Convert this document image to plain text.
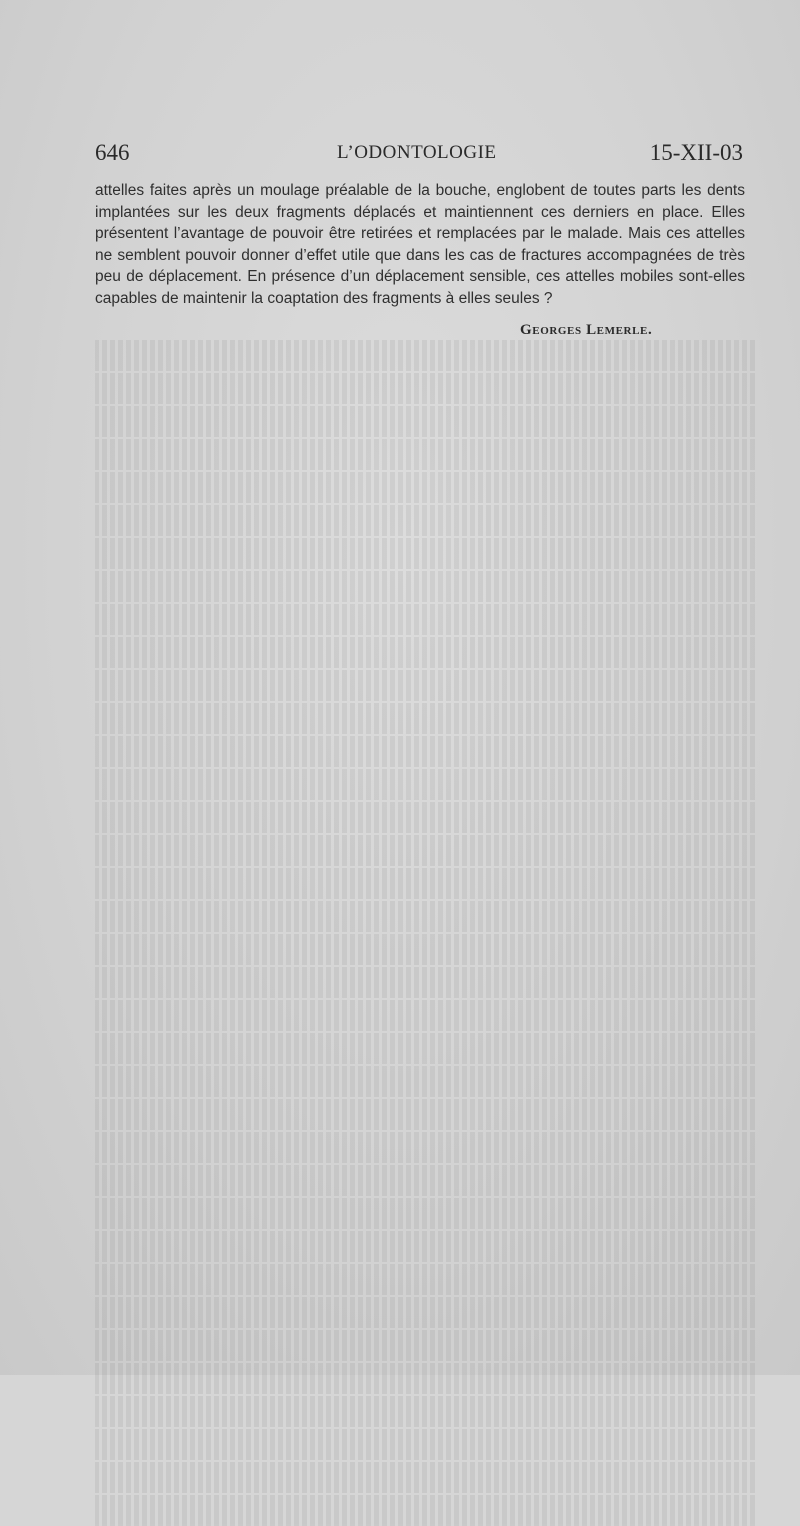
646	L’ODONTOLOGIE	15-XII-03

attelles faites après un moulage préalable de la bouche, englobent de toutes parts les dents implantées sur les deux fragments déplacés et maintiennent ces derniers en place. Elles présentent l’avantage de pouvoir être retirées et remplacées par le malade. Mais ces attelles ne semblent pouvoir donner d’effet utile que dans les cas de fractures accompagnées de très peu de déplacement. En présence d’un déplacement sensible, ces attelles mobiles sont-elles capables de maintenir la coaptation des fragments à elles seules ?

Georges Lemerle.
